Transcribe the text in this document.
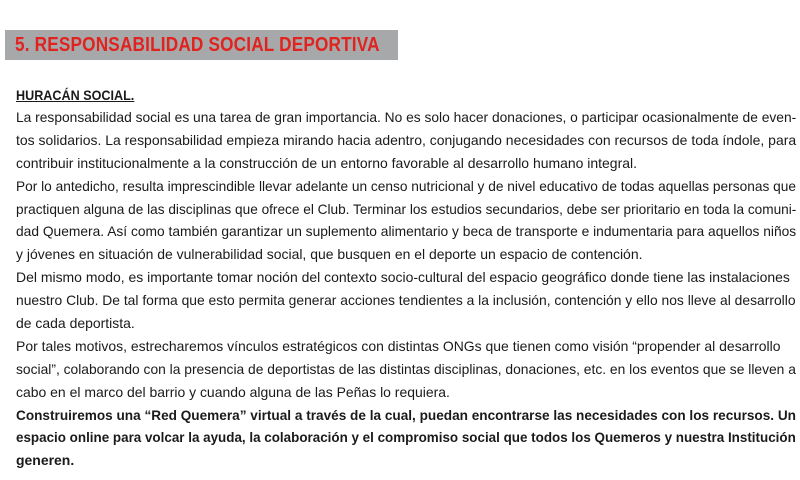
5. RESPONSABILIDAD SOCIAL DEPORTIVA
HURACÁN SOCIAL.
La responsabilidad social es una tarea de gran importancia. No es solo hacer donaciones, o participar ocasionalmente de even-
tos solidarios. La responsabilidad empieza mirando hacia adentro, conjugando necesidades con recursos de toda índole, para
contribuir institucionalmente a la construcción de un entorno favorable al desarrollo humano integral.
Por lo antedicho, resulta imprescindible llevar adelante un censo nutricional y de nivel educativo de todas aquellas personas que
practiquen alguna de las disciplinas que ofrece el Club. Terminar los estudios secundarios, debe ser prioritario en toda la comuni-
dad Quemera. Así como también garantizar un suplemento alimentario y beca de transporte e indumentaria para aquellos niños
y jóvenes en situación de vulnerabilidad social, que busquen en el deporte un espacio de contención.
Del mismo modo, es importante tomar noción del contexto socio-cultural del espacio geográfico donde tiene las instalaciones
nuestro Club. De tal forma que esto permita generar acciones tendientes a la inclusión, contención y ello nos lleve al desarrollo
de cada deportista.
Por tales motivos, estrecharemos vínculos estratégicos con distintas ONGs que tienen como visión “propender al desarrollo
social”, colaborando con la presencia de deportistas de las distintas disciplinas, donaciones, etc. en los eventos que se lleven a
cabo en el marco del barrio y cuando alguna de las Peñas lo requiera.
Construiremos una “Red Quemera” virtual a través de la cual, puedan encontrarse las necesidades con los recursos. Un
espacio online para volcar la ayuda, la colaboración y el compromiso social que todos los Quemeros y nuestra Institución
generen.
